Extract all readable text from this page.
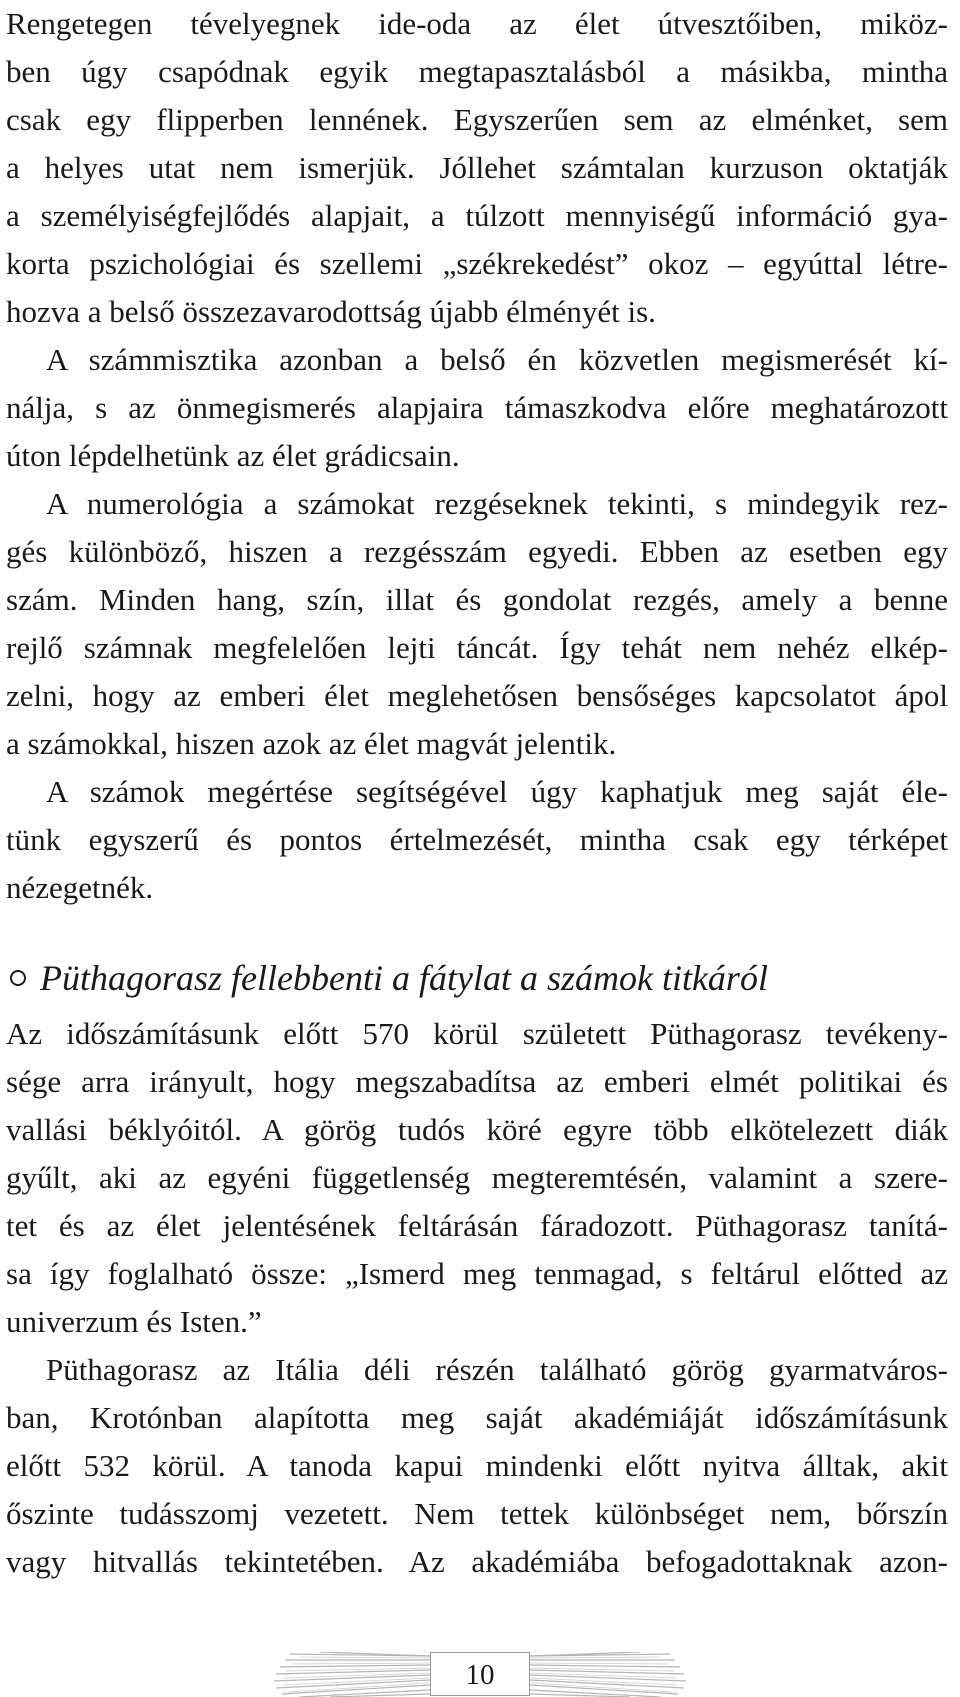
Rengetegen tévelyegnek ide-oda az élet útvesztőiben, miköz-
ben úgy csapódnak egyik megtapasztalásból a másikba, mintha
csak egy flipperben lennének. Egyszerűen sem az elménket, sem
a helyes utat nem ismerjük. Jóllehet számtalan kurzuson oktatják
a személyiségfejlődés alapjait, a túlzott mennyiségű információ gya-
korta pszichológiai és szellemi „székrekedést” okoz – egyúttal létre-
hozva a belső összezavarodottság újabb élményét is.
A számmisztika azonban a belső én közvetlen megismerését kí-
nálja, s az önmegismerés alapjaira támaszkodva előre meghatározott
úton lépdelhetünk az élet grádicsain.
A numerológia a számokat rezgéseknek tekinti, s mindegyik rez-
gés különböző, hiszen a rezgésszám egyedi. Ebben az esetben egy
szám. Minden hang, szín, illat és gondolat rezgés, amely a benne
rejlő számnak megfelelően lejti táncát. Így tehát nem nehéz elkép-
zelni, hogy az emberi élet meglehetősen bensőséges kapcsolatot ápol
a számokkal, hiszen azok az élet magvát jelentik.
A számok megértése segítségével úgy kaphatjuk meg saját éle-
tünk egyszerű és pontos értelmezését, mintha csak egy térképet
nézegetnék.
Püthagorasz fellebbenti a fátylat a számok titkáról
Az időszámításunk előtt 570 körül született Püthagorasz tevékeny-
sége arra irányult, hogy megszabadítsa az emberi elmét politikai és
vallási béklyóitól. A görög tudós köré egyre több elkötelezett diák
gyűlt, aki az egyéni függetlenség megteremtésén, valamint a szere-
tet és az élet jelentésének feltárásán fáradozott. Püthagorasz tanítá-
sa így foglalható össze: „Ismerd meg tenmagad, s feltárul előtted az
univerzum és Isten.”
Püthagorasz az Itália déli részén található görög gyarmatváros-
ban, Krotónban alapította meg saját akadémiáját időszámításunk
előtt 532 körül. A tanoda kapui mindenki előtt nyitva álltak, akit
őszinte tudásszomj vezetett. Nem tettek különbséget nem, bőrszín
vagy hitvallás tekintetében. Az akadémiába befogadottaknak azon-
10
